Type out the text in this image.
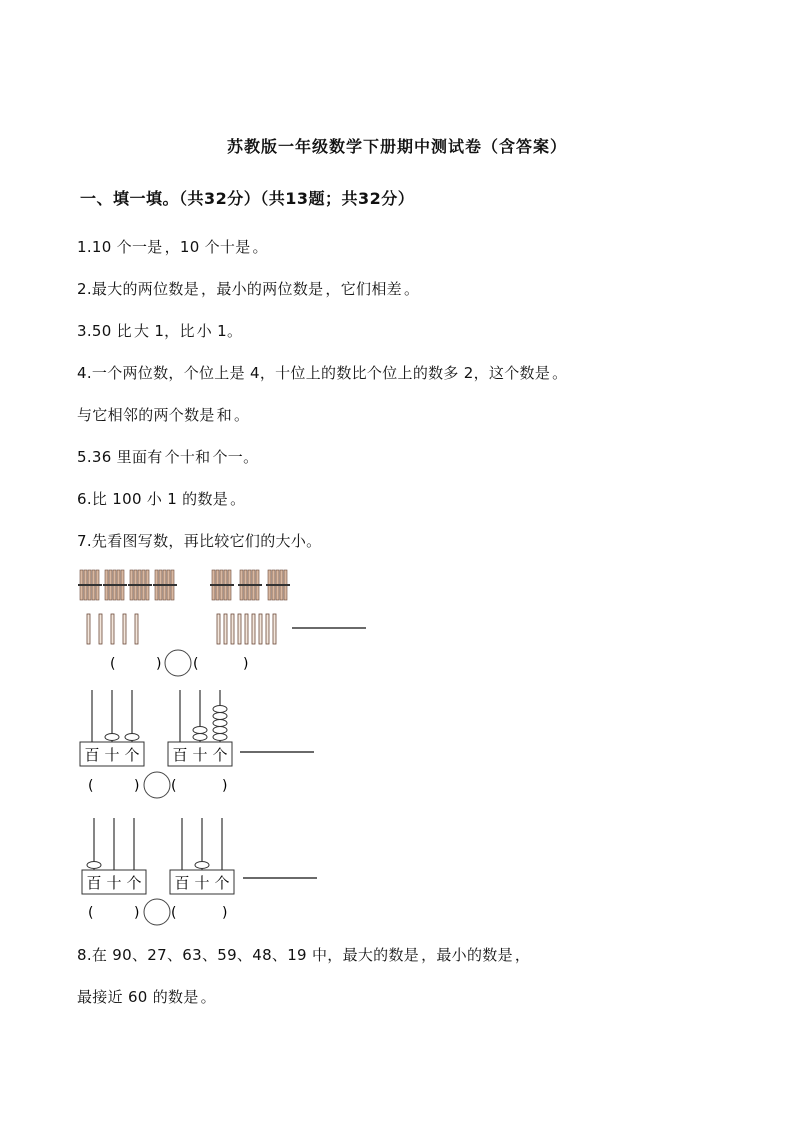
苏教版一年级数学下册期中测试卷（含答案）
一、填一填。（共32分）（共13题；共32分）
1.10 个一是 ，10 个十是 。
2.最大的两位数是 ，最小的两位数是 ，它们相差 。
3.50 比 大 1，比 小 1。
4.一个两位数，个位上是 4，十位上的数比个位上的数多 2，这个数是 。
与它相邻的两个数是 和 。
5.36 里面有 个十和 个一。
6.比 100 小 1 的数是 。
7.先看图写数，再比较它们的大小。
(	) (	)
百 十 个 百 十 个
(	) (	)
百 十 个 百 十 个
(	) (	)
8.在 90、27、63、59、48、19 中，最大的数是 ，最小的数是 ，
最接近 60 的数是 。
